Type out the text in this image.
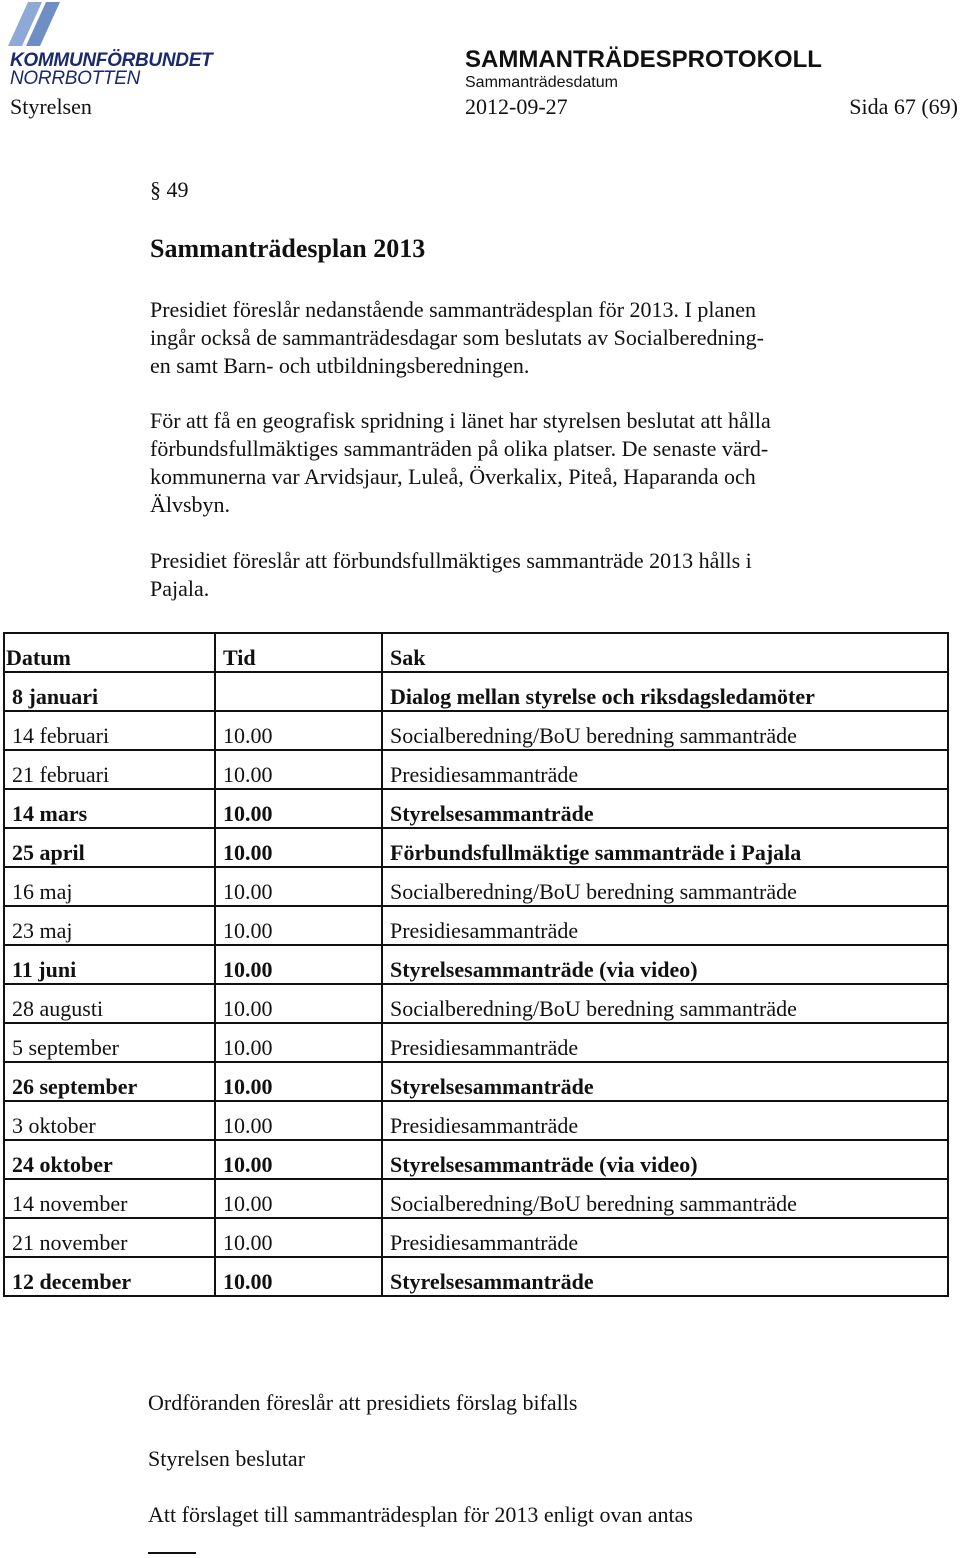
KOMMUNFÖRBUNDET
NORRBOTTEN
SAMMANTRÄDESPROTOKOLL
Sammanträdesdatum
Styrelsen	2012-09-27	Sida 67 (69)
§ 49
Sammanträdesplan 2013
Presidiet föreslår nedanstående sammanträdesplan för 2013. I planen
ingår också de sammanträdesdagar som beslutats av Socialberedning-
en samt Barn- och utbildningsberedningen.
För att få en geografisk spridning i länet har styrelsen beslutat att hålla
förbundsfullmäktiges sammanträden på olika platser. De senaste värd-
kommunerna var Arvidsjaur, Luleå, Överkalix, Piteå, Haparanda och
Älvsbyn.
Presidiet föreslår att förbundsfullmäktiges sammanträde 2013 hålls i
Pajala.
Datum	Tid	Sak
8 januari		Dialog mellan styrelse och riksdagsledamöter
14 februari	10.00	Socialberedning/BoU beredning sammanträde
21 februari	10.00	Presidiesammanträde
14 mars	10.00	Styrelsesammanträde
25 april	10.00	Förbundsfullmäktige sammanträde i Pajala
16 maj	10.00	Socialberedning/BoU beredning sammanträde
23 maj	10.00	Presidiesammanträde
11 juni	10.00	Styrelsesammanträde (via video)
28 augusti	10.00	Socialberedning/BoU beredning sammanträde
5 september	10.00	Presidiesammanträde
26 september	10.00	Styrelsesammanträde
3 oktober	10.00	Presidiesammanträde
24 oktober	10.00	Styrelsesammanträde (via video)
14 november	10.00	Socialberedning/BoU beredning sammanträde
21 november	10.00	Presidiesammanträde
12 december	10.00	Styrelsesammanträde
Ordföranden föreslår att presidiets förslag bifalls
Styrelsen beslutar
Att förslaget till sammanträdesplan för 2013 enligt ovan antas
